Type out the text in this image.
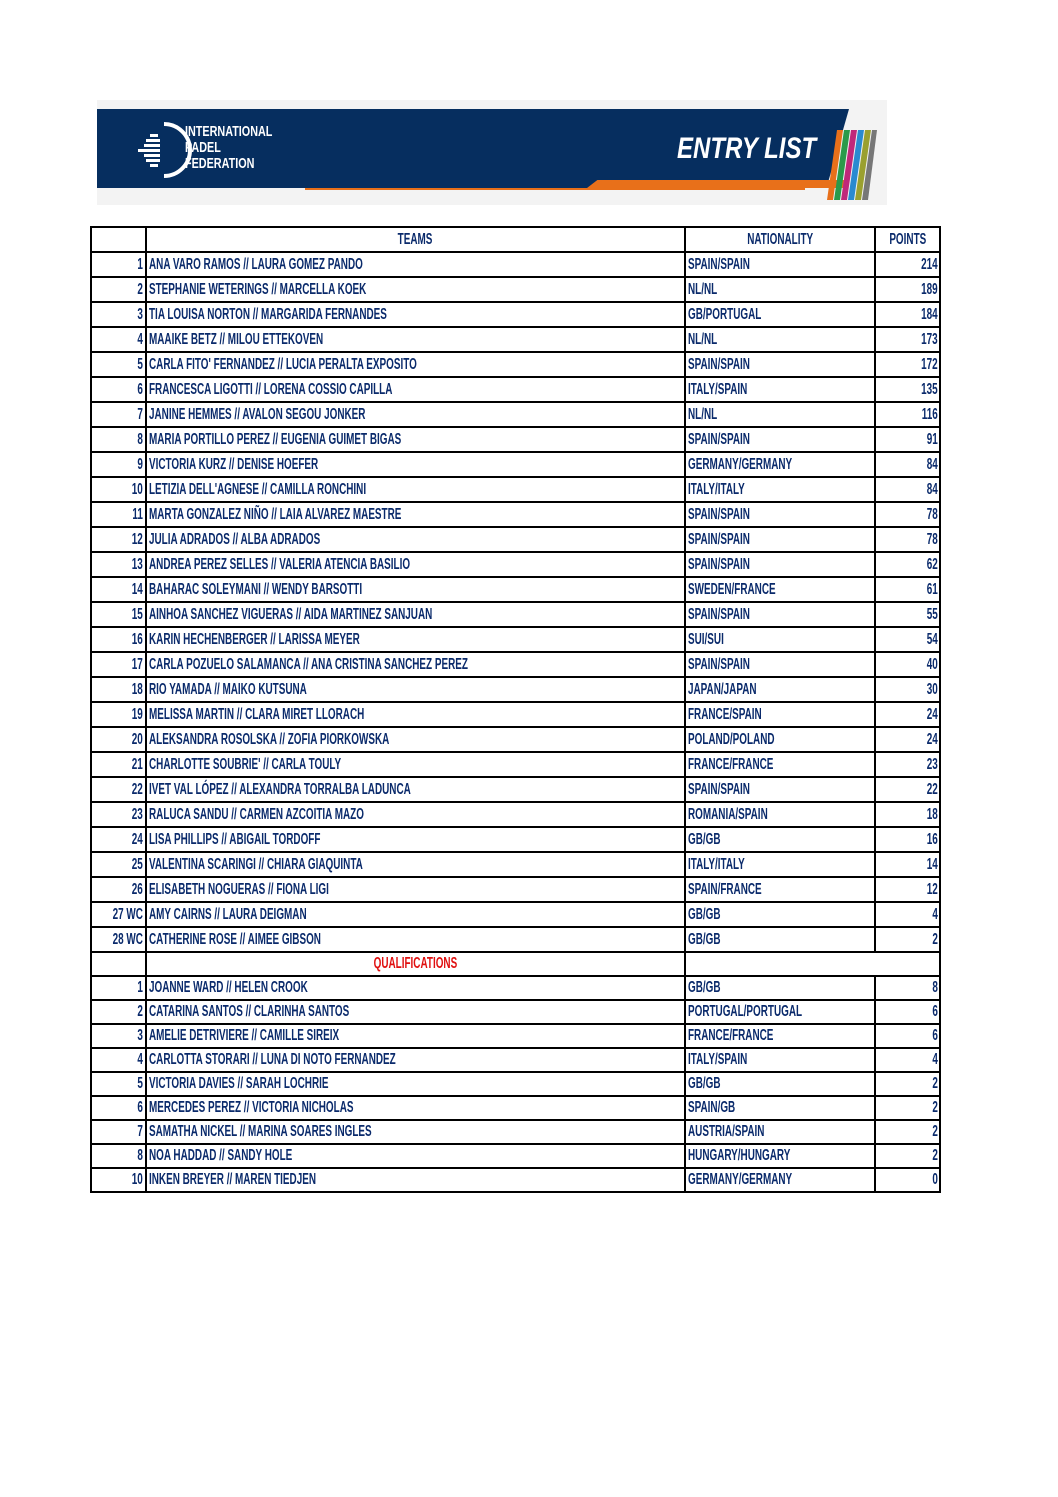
INTERNATIONAL
PADEL
FEDERATION	ENTRY LIST
	TEAMS	NATIONALITY	POINTS
1	ANA VARO RAMOS // LAURA GOMEZ PANDO	SPAIN/SPAIN	214
2	STEPHANIE WETERINGS // MARCELLA KOEK	NL/NL	189
3	TIA LOUISA NORTON // MARGARIDA FERNANDES	GB/PORTUGAL	184
4	MAAIKE BETZ // MILOU ETTEKOVEN	NL/NL	173
5	CARLA FITO' FERNANDEZ // LUCIA PERALTA EXPOSITO	SPAIN/SPAIN	172
6	FRANCESCA LIGOTTI // LORENA COSSIO CAPILLA	ITALY/SPAIN	135
7	JANINE HEMMES // AVALON SEGOU JONKER	NL/NL	116
8	MARIA PORTILLO PEREZ // EUGENIA GUIMET BIGAS	SPAIN/SPAIN	91
9	VICTORIA KURZ // DENISE HOEFER	GERMANY/GERMANY	84
10	LETIZIA DELL'AGNESE // CAMILLA RONCHINI	ITALY/ITALY	84
11	MARTA GONZALEZ NIÑO // LAIA ALVAREZ MAESTRE	SPAIN/SPAIN	78
12	JULIA ADRADOS // ALBA ADRADOS	SPAIN/SPAIN	78
13	ANDREA PEREZ SELLES // VALERIA ATENCIA BASILIO	SPAIN/SPAIN	62
14	BAHARAC SOLEYMANI // WENDY BARSOTTI	SWEDEN/FRANCE	61
15	AINHOA SANCHEZ VIGUERAS // AIDA MARTINEZ SANJUAN	SPAIN/SPAIN	55
16	KARIN HECHENBERGER // LARISSA MEYER	SUI/SUI	54
17	CARLA POZUELO SALAMANCA // ANA CRISTINA SANCHEZ PEREZ	SPAIN/SPAIN	40
18	RIO YAMADA // MAIKO KUTSUNA	JAPAN/JAPAN	30
19	MELISSA MARTIN // CLARA MIRET LLORACH	FRANCE/SPAIN	24
20	ALEKSANDRA ROSOLSKA // ZOFIA PIORKOWSKA	POLAND/POLAND	24
21	CHARLOTTE SOUBRIE' // CARLA TOULY	FRANCE/FRANCE	23
22	IVET VAL LÓPEZ // ALEXANDRA TORRALBA LADUNCA	SPAIN/SPAIN	22
23	RALUCA SANDU // CARMEN AZCOITIA MAZO	ROMANIA/SPAIN	18
24	LISA PHILLIPS // ABIGAIL TORDOFF	GB/GB	16
25	VALENTINA SCARINGI // CHIARA GIAQUINTA	ITALY/ITALY	14
26	ELISABETH NOGUERAS // FIONA LIGI	SPAIN/FRANCE	12
27 WC	AMY CAIRNS // LAURA DEIGMAN	GB/GB	4
28 WC	CATHERINE ROSE // AIMEE GIBSON	GB/GB	2
	QUALIFICATIONS		
1	JOANNE WARD // HELEN CROOK	GB/GB	8
2	CATARINA SANTOS // CLARINHA SANTOS	PORTUGAL/PORTUGAL	6
3	AMELIE DETRIVIERE // CAMILLE SIREIX	FRANCE/FRANCE	6
4	CARLOTTA STORARI // LUNA DI NOTO FERNANDEZ	ITALY/SPAIN	4
5	VICTORIA DAVIES // SARAH LOCHRIE	GB/GB	2
6	MERCEDES PEREZ // VICTORIA NICHOLAS	SPAIN/GB	2
7	SAMATHA NICKEL // MARINA SOARES INGLES	AUSTRIA/SPAIN	2
8	NOA HADDAD // SANDY HOLE	HUNGARY/HUNGARY	2
10	INKEN BREYER // MAREN TIEDJEN	GERMANY/GERMANY	0
